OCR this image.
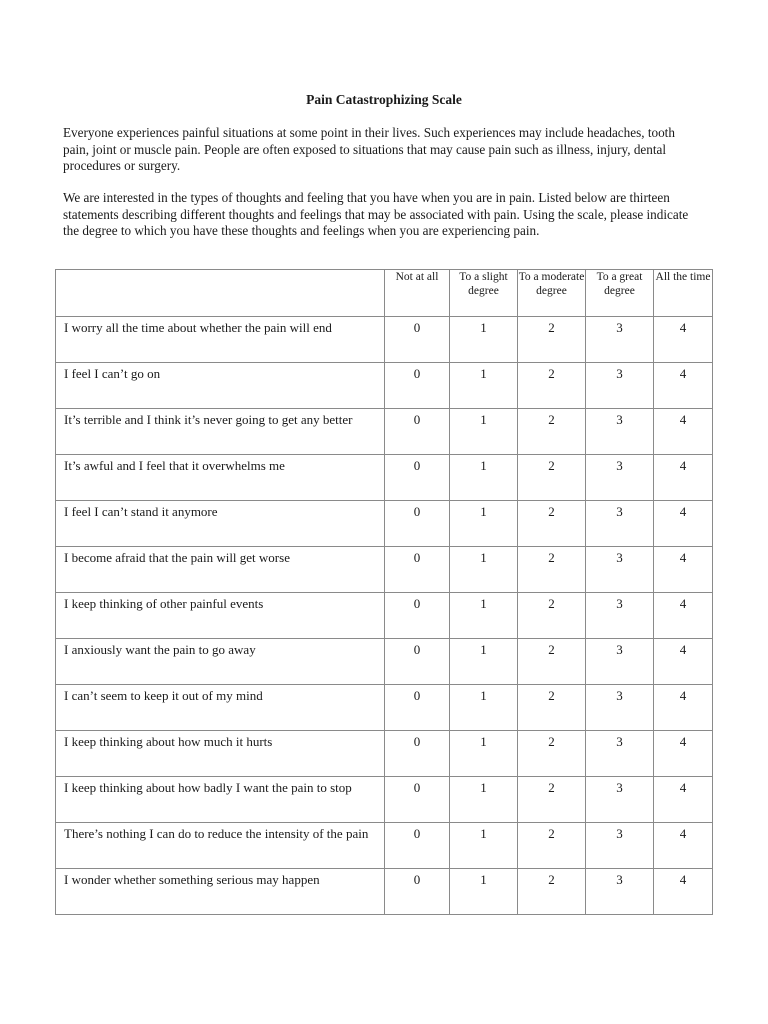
Pain Catastrophizing Scale
Everyone experiences painful situations at some point in their lives. Such experiences may include headaches, tooth pain, joint or muscle pain. People are often exposed to situations that may cause pain such as illness, injury, dental procedures or surgery.
We are interested in the types of thoughts and feeling that you have when you are in pain. Listed below are thirteen statements describing different thoughts and feelings that may be associated with pain. Using the scale, please indicate the degree to which you have these thoughts and feelings when you are experiencing pain.
	Not at all	To a slight degree	To a moderate degree	To a great degree	All the time
I worry all the time about whether the pain will end	0	1	2	3	4
I feel I can’t go on	0	1	2	3	4
It’s terrible and I think it’s never going to get any better	0	1	2	3	4
It’s awful and I feel that it overwhelms me	0	1	2	3	4
I feel I can’t stand it anymore	0	1	2	3	4
I become afraid that the pain will get worse	0	1	2	3	4
I keep thinking of other painful events	0	1	2	3	4
I anxiously want the pain to go away	0	1	2	3	4
I can’t seem to keep it out of my mind	0	1	2	3	4
I keep thinking about how much it hurts	0	1	2	3	4
I keep thinking about how badly I want the pain to stop	0	1	2	3	4
There’s nothing I can do to reduce the intensity of the pain	0	1	2	3	4
I wonder whether something serious may happen	0	1	2	3	4
